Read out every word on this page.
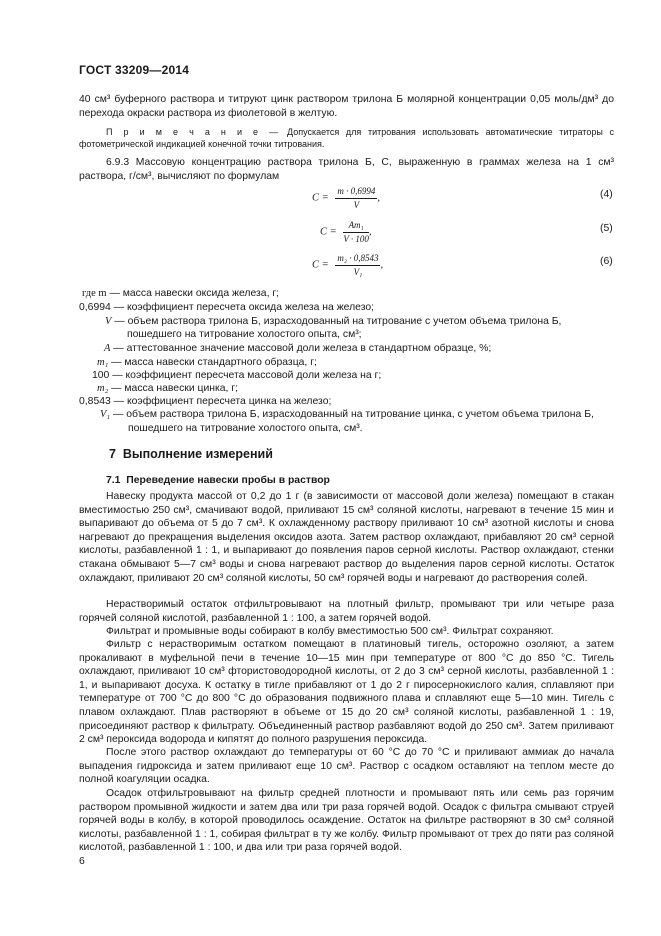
ГОСТ 33209—2014
40 см³ буферного раствора и титруют цинк раствором трилона Б молярной концентрации 0,05 моль/дм³ до перехода окраски раствора из фиолетовой в желтую.
П р и м е ч а н и е — Допускается для титрования использовать автоматические титраторы с фотометрической индикацией конечной точки титрования.
6.9.3 Массовую концентрацию раствора трилона Б, C, выраженную в граммах железа на 1 см³ раствора, г/см³, вычисляют по формулам
$C = \frac{m \cdot 0,6994}{V}$ ,	(4)
$C = \frac{\text{Am₁}}{V \cdot 100}$ ,	(5)
$C = \frac{\text{m₂ · 0,8543}}{\text{V₁}}$ ,	(6)
где m — масса навески оксида железа, г;
0,6994 — коэффициент пересчета оксида железа на железо;
V — объем раствора трилона Б, израсходованный на титрование с учетом объема трилона Б,
пошедшего на титрование холостого опыта, см³;
A — аттестованное значение массовой доли железа в стандартном образце, %;
m₁ — масса навески стандартного образца, г;
100 — коэффициент пересчета массовой доли железа на г;
m₂ — масса навески цинка, г;
0,8543 — коэффициент пересчета цинка на железо;
V₁ — объем раствора трилона Б, израсходованный на титрование цинка, с учетом объема трилона Б,
пошедшего на титрование холостого опыта, см³.
7 Выполнение измерений
7.1 Переведение навески пробы в раствор
Навеску продукта массой от 0,2 до 1 г (в зависимости от массовой доли железа) помещают в стакан вместимостью 250 см³, смачивают водой, приливают 15 см³ соляной кислоты, нагревают в течение 15 мин и выпаривают до объема от 5 до 7 см³. К охлажденному раствору приливают 10 см³ азотной кислоты и снова нагревают до прекращения выделения оксидов азота. Затем раствор охлаждают, прибавляют 20 см³ серной кислоты, разбавленной 1 : 1, и выпаривают до появления паров серной кислоты. Раствор охлаждают, стенки стакана обмывают 5—7 см³ воды и снова нагревают раствор до выделения паров серной кислоты. Остаток охлаждают, приливают 20 см³ соляной кислоты, 50 см³ горячей воды и нагревают до растворения солей.
Нерастворимый остаток отфильтровывают на плотный фильтр, промывают три или четыре раза горячей соляной кислотой, разбавленной 1 : 100, а затем горячей водой.
Фильтрат и промывные воды собирают в колбу вместимостью 500 см³. Фильтрат сохраняют.
Фильтр с нерастворимым остатком помещают в платиновый тигель, осторожно озоляют, а затем прокаливают в муфельной печи в течение 10—15 мин при температуре от 800 °C до 850 °C. Тигель охлаждают, приливают 10 см³ фтористоводородной кислоты, от 2 до 3 см³ серной кислоты, разбавленной 1 : 1, и выпаривают досуха. К остатку в тигле прибавляют от 1 до 2 г пиросернокислого калия, сплавляют при температуре от 700 °C до 800 °C до образования подвижного плава и сплавляют еще 5—10 мин. Тигель с плавом охлаждают. Плав растворяют в объеме от 15 до 20 см³ соляной кислоты, разбавленной 1 : 19, присоединяют раствор к фильтрату. Объединенный раствор разбавляют водой до 250 см³. Затем приливают 2 см³ пероксида водорода и кипятят до полного разрушения пероксида.
После этого раствор охлаждают до температуры от 60 °C до 70 °C и приливают аммиак до начала выпадения гидроксида и затем приливают еще 10 см³. Раствор с осадком оставляют на теплом месте до полной коагуляции осадка.
Осадок отфильтровывают на фильтр средней плотности и промывают пять или семь раз горячим раствором промывной жидкости и затем два или три раза горячей водой. Осадок с фильтра смывают струей горячей воды в колбу, в которой проводилось осаждение. Остаток на фильтре растворяют в 30 см³ соляной кислоты, разбавленной 1 : 1, собирая фильтрат в ту же колбу. Фильтр промывают от трех до пяти раз соляной кислотой, разбавленной 1 : 100, и два или три раза горячей водой.
6
